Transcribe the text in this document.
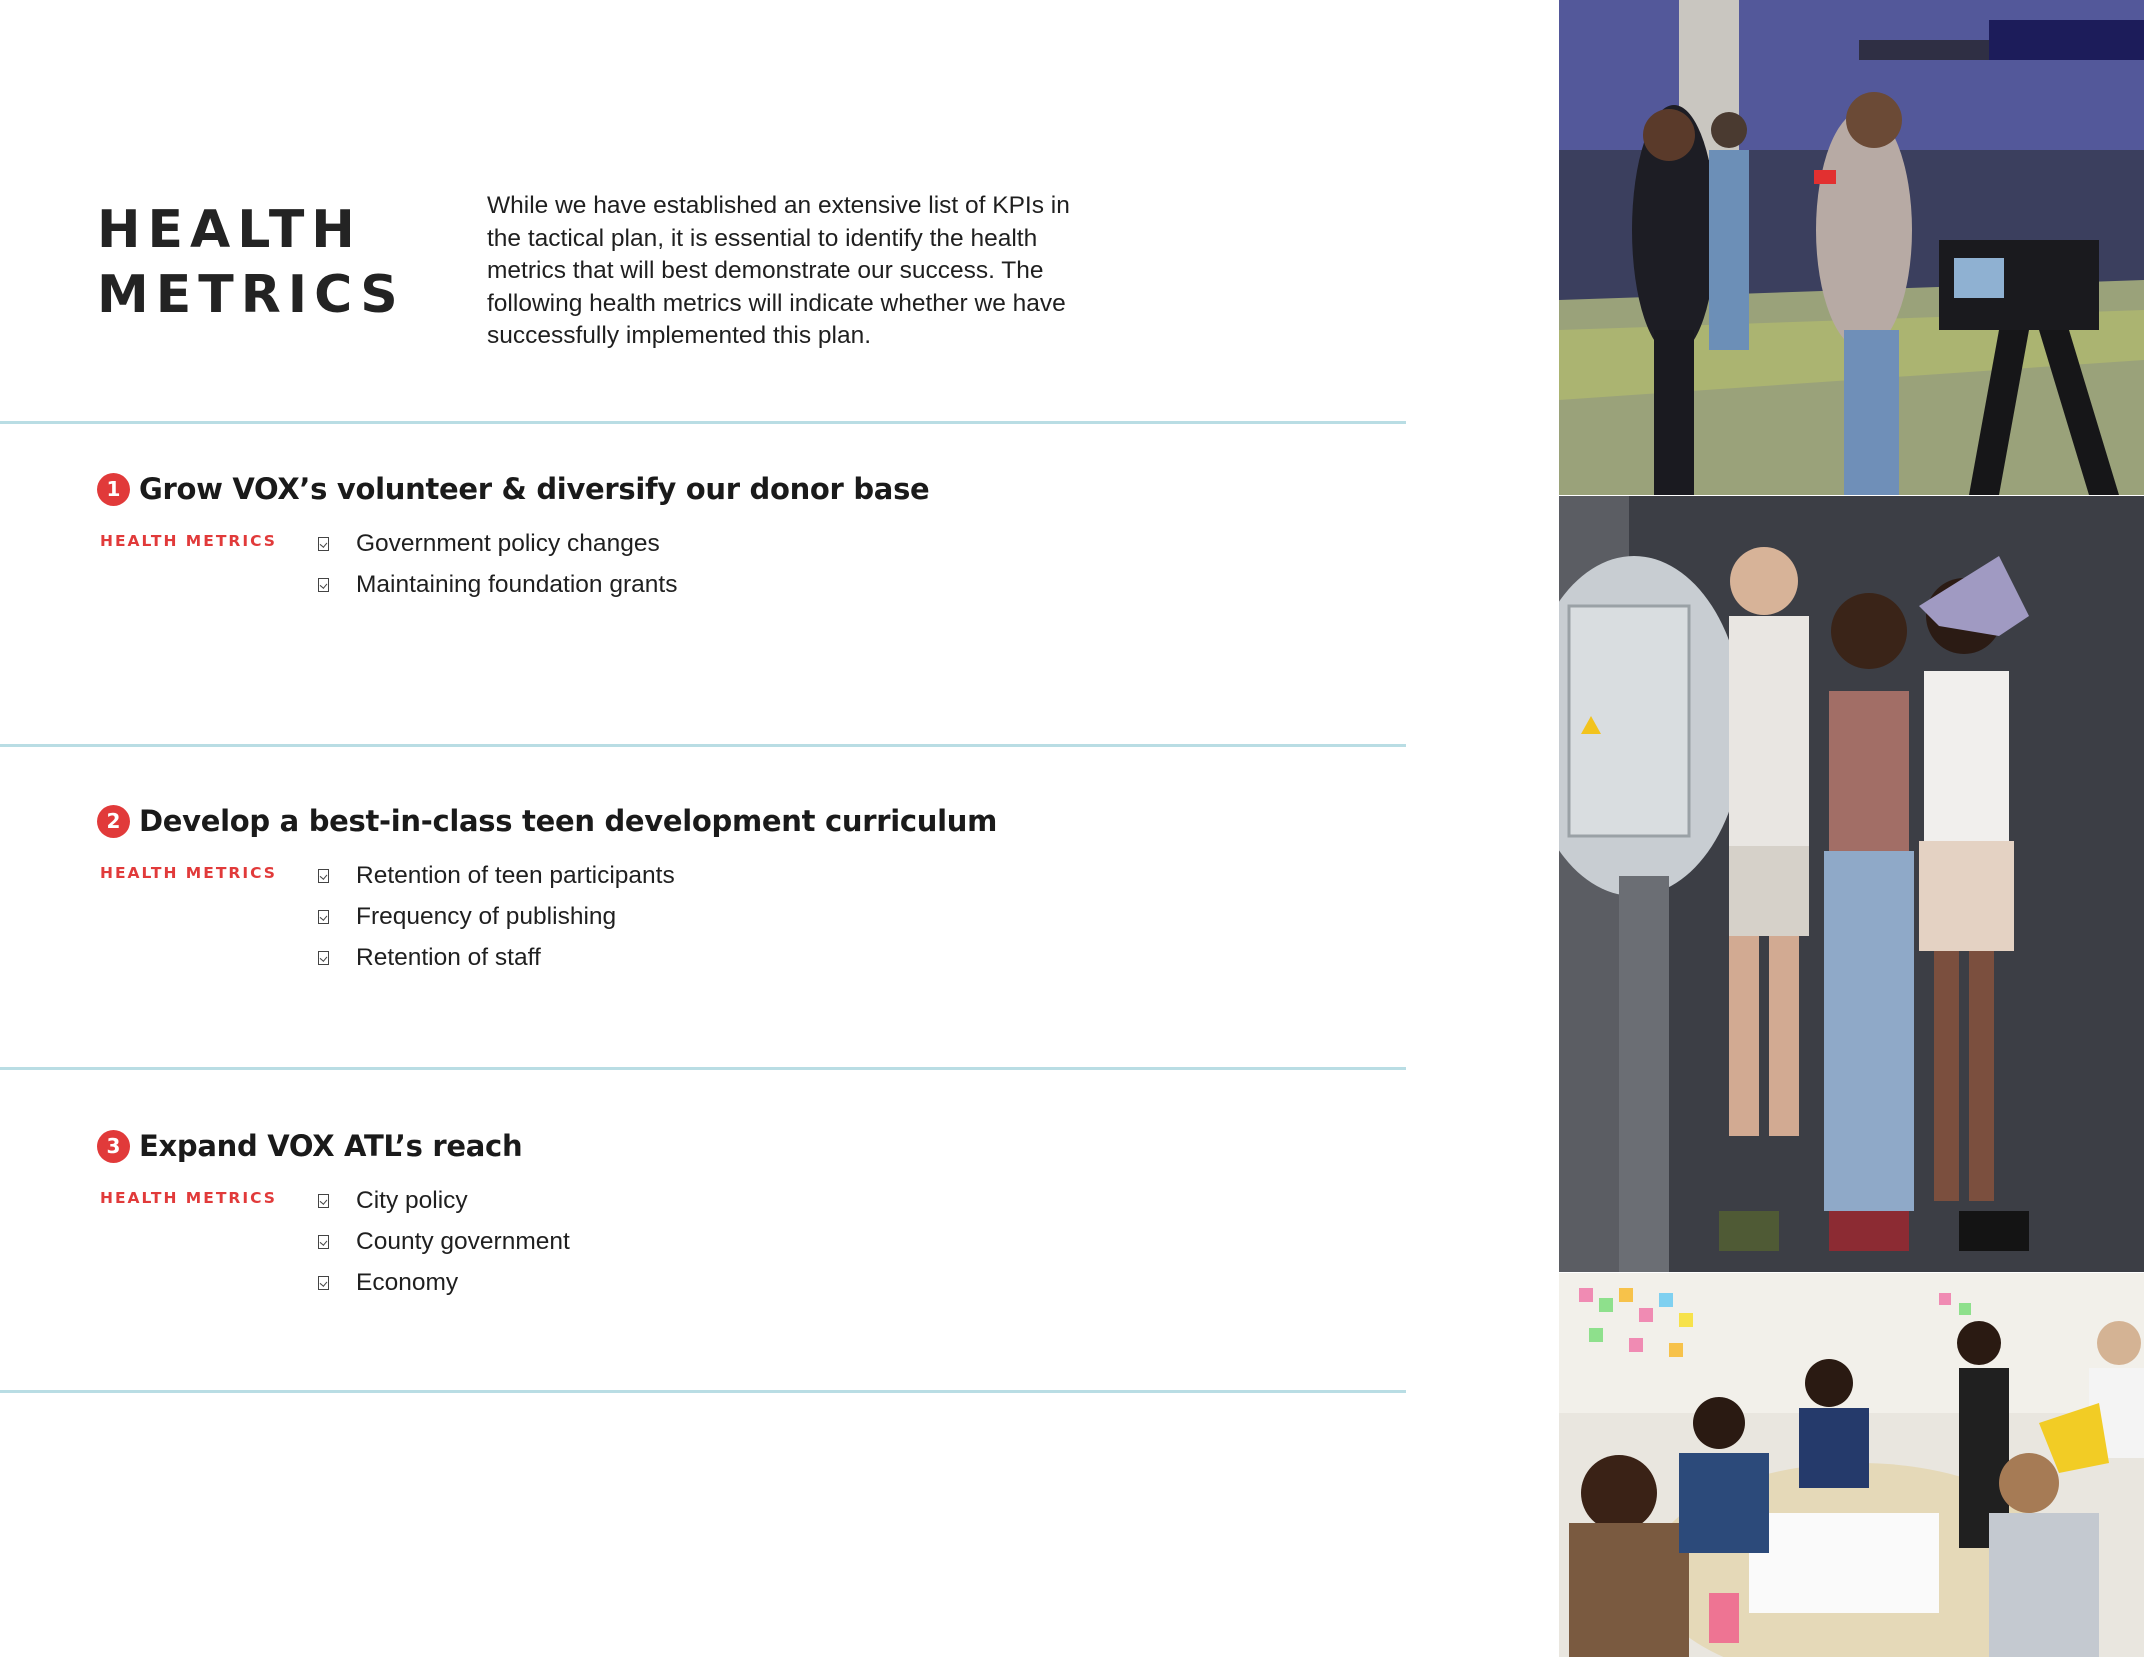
HEALTH
METRICS

While we have established an extensive list of KPIs in the tactical plan, it is essential to identify the health metrics that will best demonstrate our success. The following health metrics will indicate whether we have successfully implemented this plan.

1 Grow VOX’s volunteer & diversify our donor base
HEALTH METRICS	Government policy changes
Maintaining foundation grants
2 Develop a best-in-class teen development curriculum
HEALTH METRICS	Retention of teen participants
Frequency of publishing
Retention of staff
3 Expand VOX ATL’s reach
HEALTH METRICS	City policy
County government
Economy
